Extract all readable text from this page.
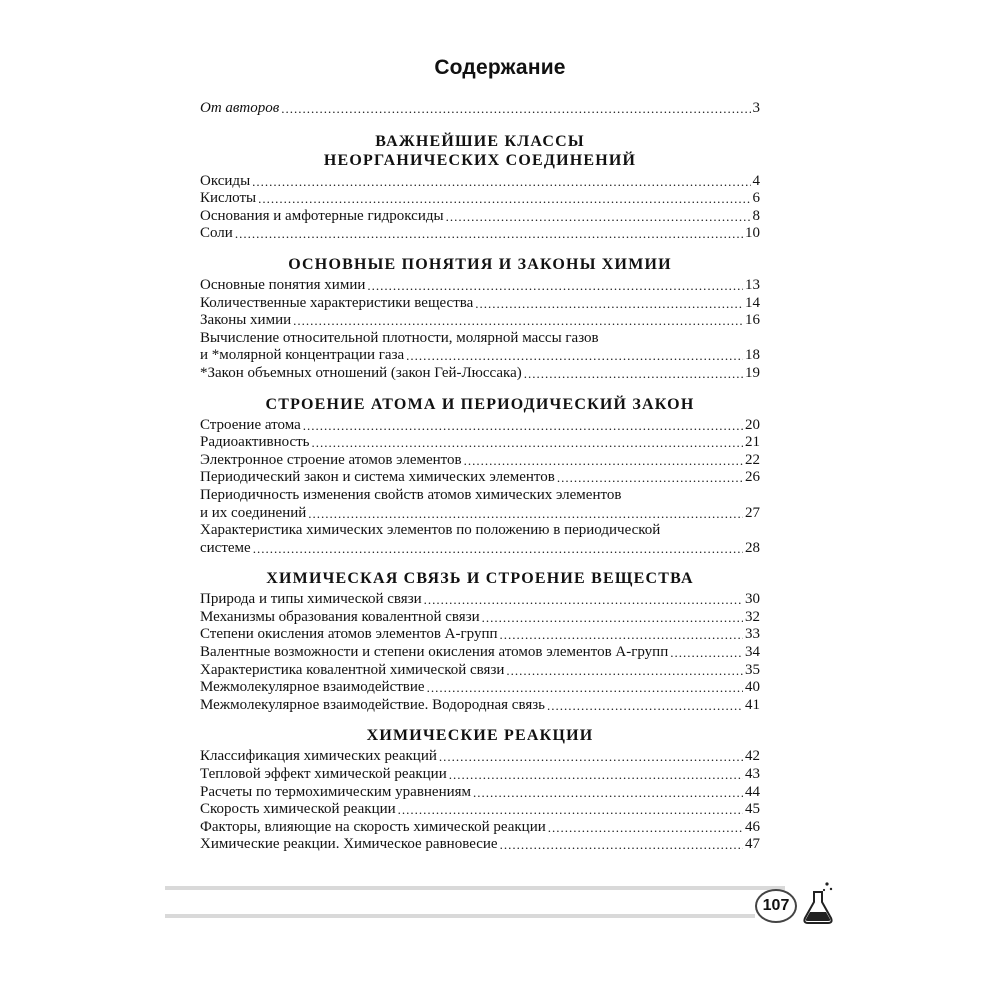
Содержание
От авторов .....	3
ВАЖНЕЙШИЕ КЛАССЫ
НЕОРГАНИЧЕСКИХ СОЕДИНЕНИЙ
Оксиды .....	4
Кислоты .....	6
Основания и амфотерные гидроксиды .....	8
Соли .....	10
ОСНОВНЫЕ ПОНЯТИЯ И ЗАКОНЫ ХИМИИ
Основные понятия химии .....	13
Количественные характеристики вещества .....	14
Законы химии .....	16
Вычисление относительной плотности, молярной массы газов
и *молярной концентрации газа .....	18
*Закон объемных отношений (закон Гей-Люссака) .....	19
СТРОЕНИЕ АТОМА И ПЕРИОДИЧЕСКИЙ ЗАКОН
Строение атома .....	20
Радиоактивность .....	21
Электронное строение атомов элементов .....	22
Периодический закон и система химических элементов .....	26
Периодичность изменения свойств атомов химических элементов
и их соединений .....	27
Характеристика химических элементов по положению в периодической
системе .....	28
ХИМИЧЕСКАЯ СВЯЗЬ И СТРОЕНИЕ ВЕЩЕСТВА
Природа и типы химической связи .....	30
Механизмы образования ковалентной связи .....	32
Степени окисления атомов элементов А-групп .....	33
Валентные возможности и степени окисления атомов элементов А-групп .....	34
Характеристика ковалентной химической связи .....	35
Межмолекулярное взаимодействие .....	40
Межмолекулярное взаимодействие. Водородная связь .....	41
ХИМИЧЕСКИЕ РЕАКЦИИ
Классификация химических реакций .....	42
Тепловой эффект химической реакции .....	43
Расчеты по термохимическим уравнениям .....	44
Скорость химической реакции .....	45
Факторы, влияющие на скорость химической реакции .....	46
Химические реакции. Химическое равновесие .....	47
107
